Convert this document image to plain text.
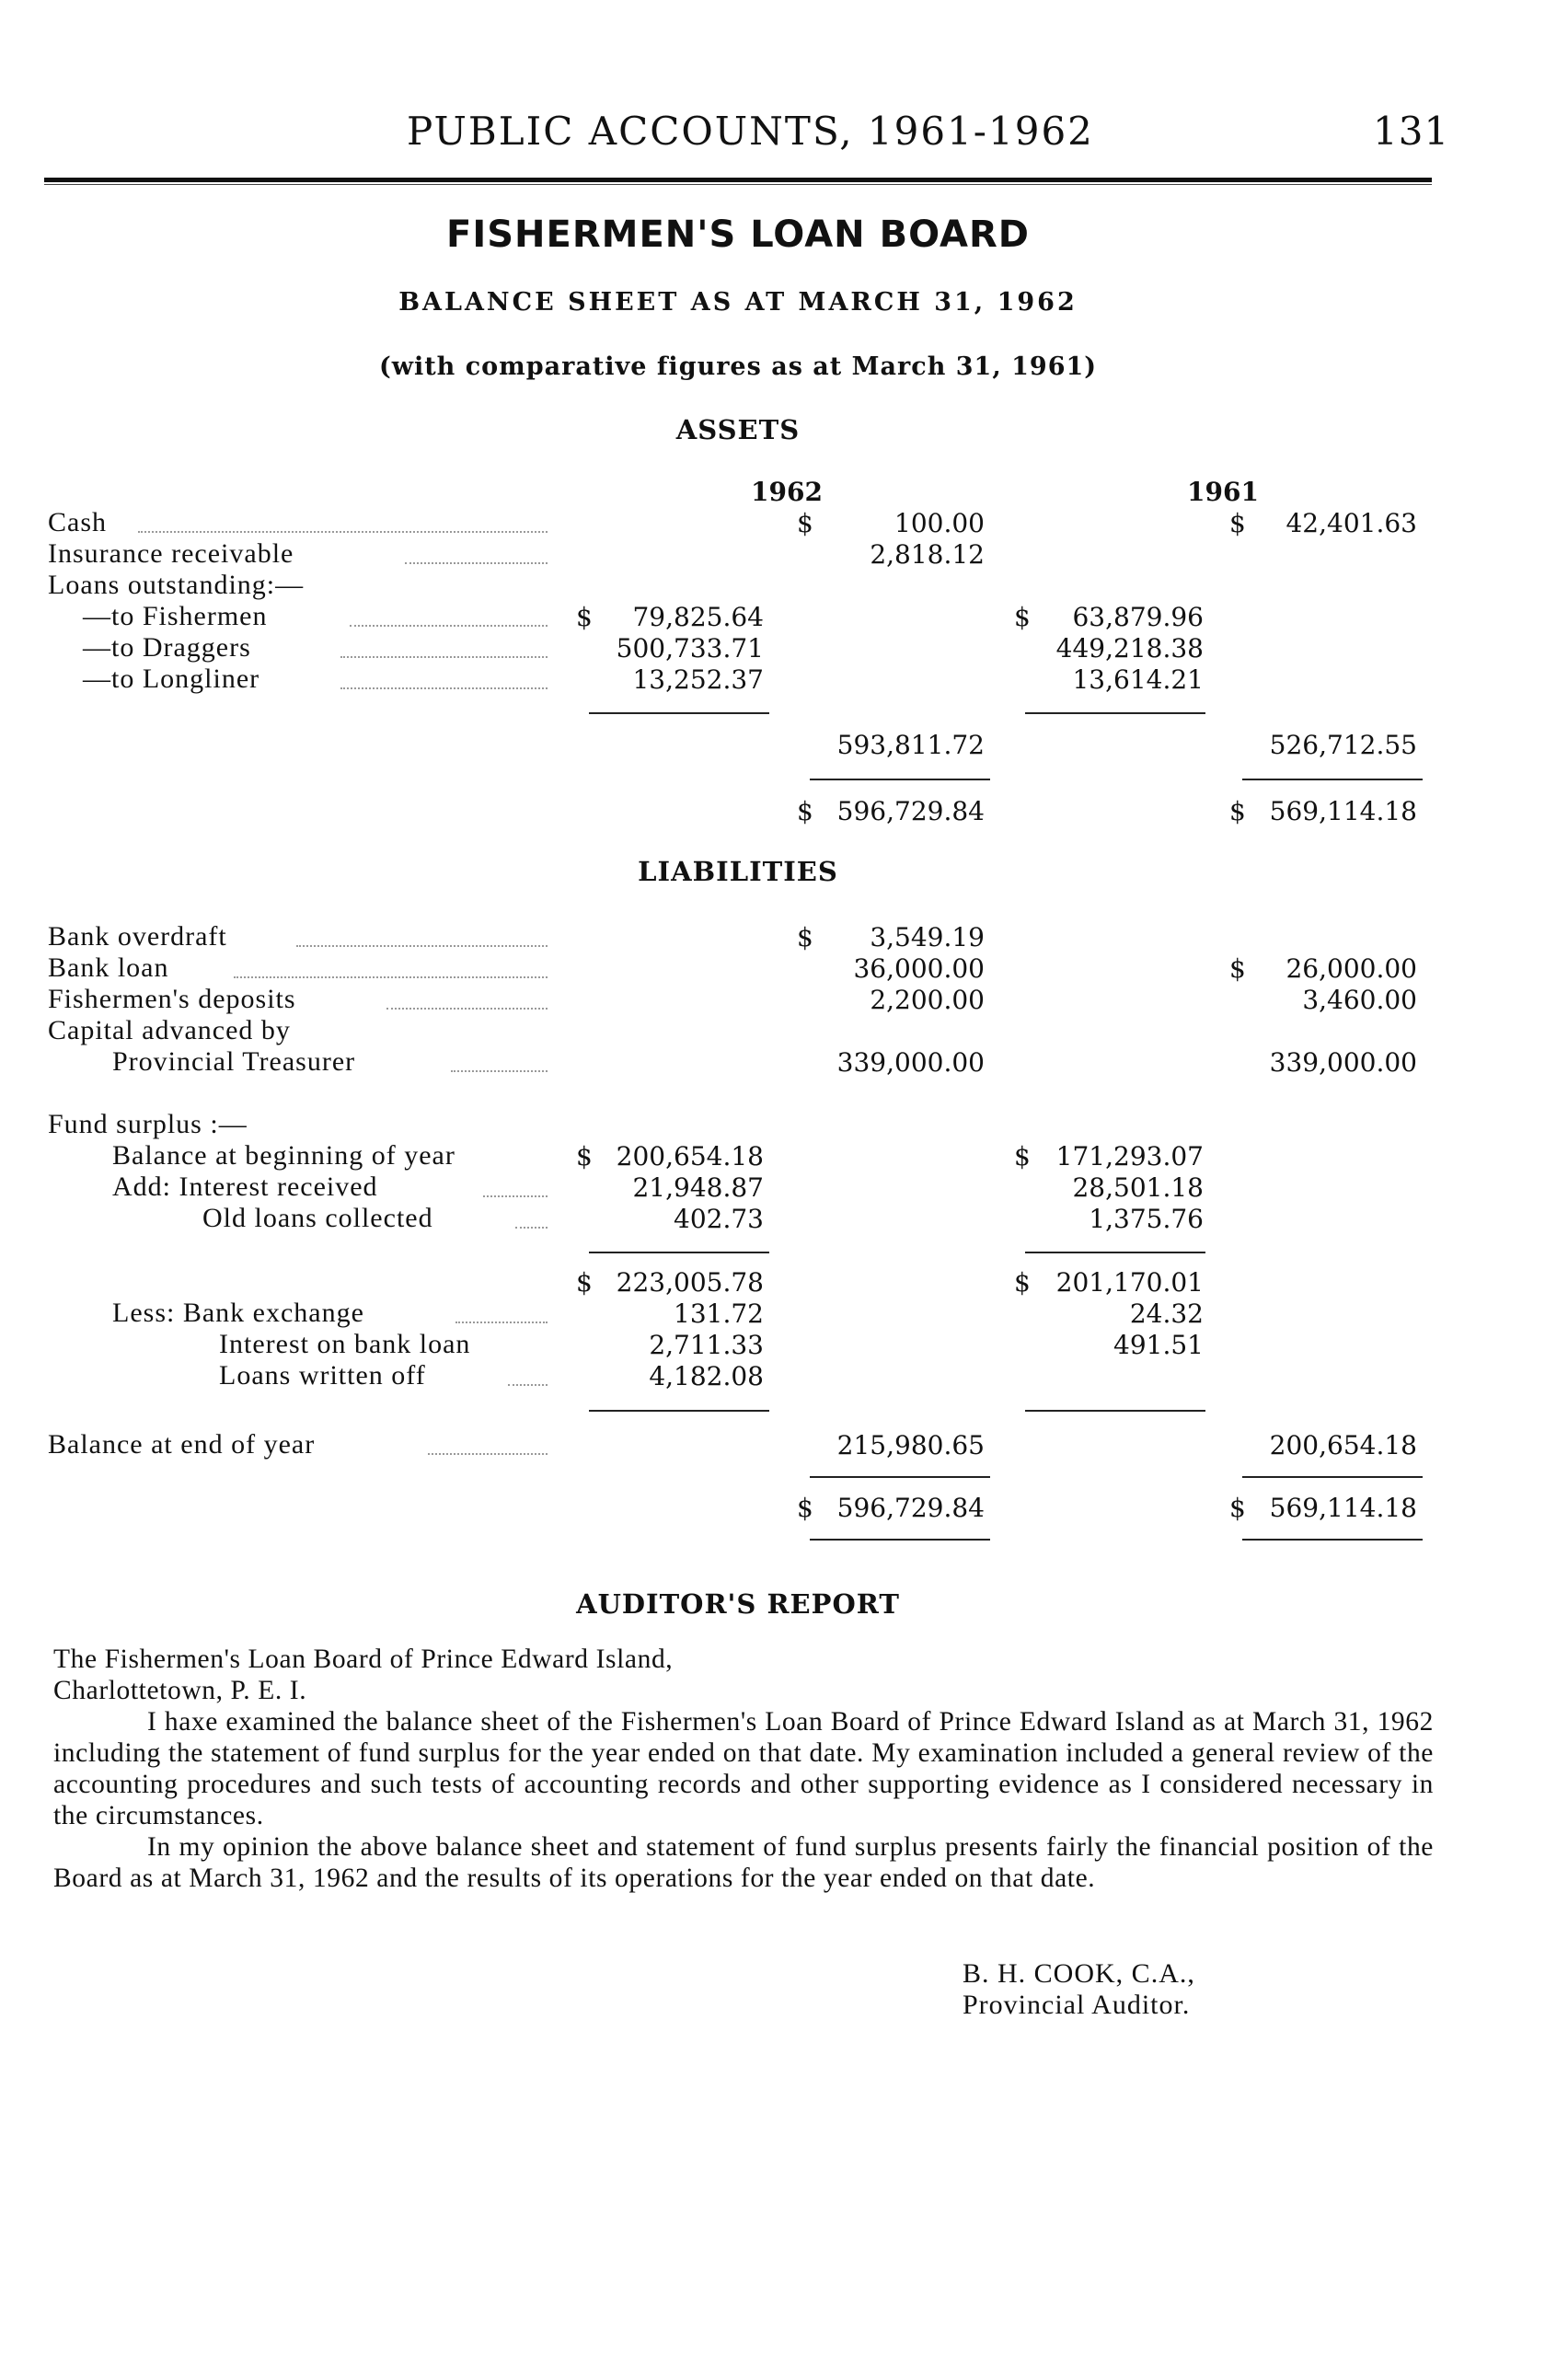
PUBLIC ACCOUNTS, 1961-1962	131
FISHERMEN'S LOAN BOARD
BALANCE SHEET AS AT MARCH 31, 1962
(with comparative figures as at March 31, 1961)
ASSETS
1962	1961
Cash	$	100.00	$	42,401.63
Insurance receivable	2,818.12
Loans outstanding:—
—to Fishermen	$	79,825.64	$	63,879.96
—to Draggers	500,733.71	449,218.38
—to Longliner	13,252.37	13,614.21
593,811.72	526,712.55
$ 596,729.84	$ 569,114.18
LIABILITIES
Bank overdraft	$	3,549.19
Bank loan	36,000.00	$	26,000.00
Fishermen's deposits	2,200.00	3,460.00
Capital advanced by
Provincial Treasurer	339,000.00	339,000.00
Fund surplus :—
Balance at beginning of year	$ 200,654.18	$ 171,293.07
Add: Interest received	21,948.87	28,501.18
Old loans collected	402.73	1,375.76
$ 223,005.78	$ 201,170.01
Less: Bank exchange	131.72	24.32
Interest on bank loan	2,711.33	491.51
Loans written off	4,182.08
Balance at end of year	215,980.65	200,654.18
$ 596,729.84	$ 569,114.18
AUDITOR'S REPORT

The Fishermen's Loan Board of Prince Edward Island,

Charlottetown, P. E. I.

I haxe examined the balance sheet of the Fishermen's Loan Board of Prince Edward Island as at March 31, 1962 including the statement of fund surplus for the year ended on that date. My examination included a general review of the accounting procedures and such tests of accounting records and other supporting evidence as I considered necessary in the circumstances.

In my opinion the above balance sheet and statement of fund surplus presents fairly the financial position of the Board as at March 31, 1962 and the results of its operations for the year ended on that date.

B. H. COOK, C.A.,
Provincial Auditor.
